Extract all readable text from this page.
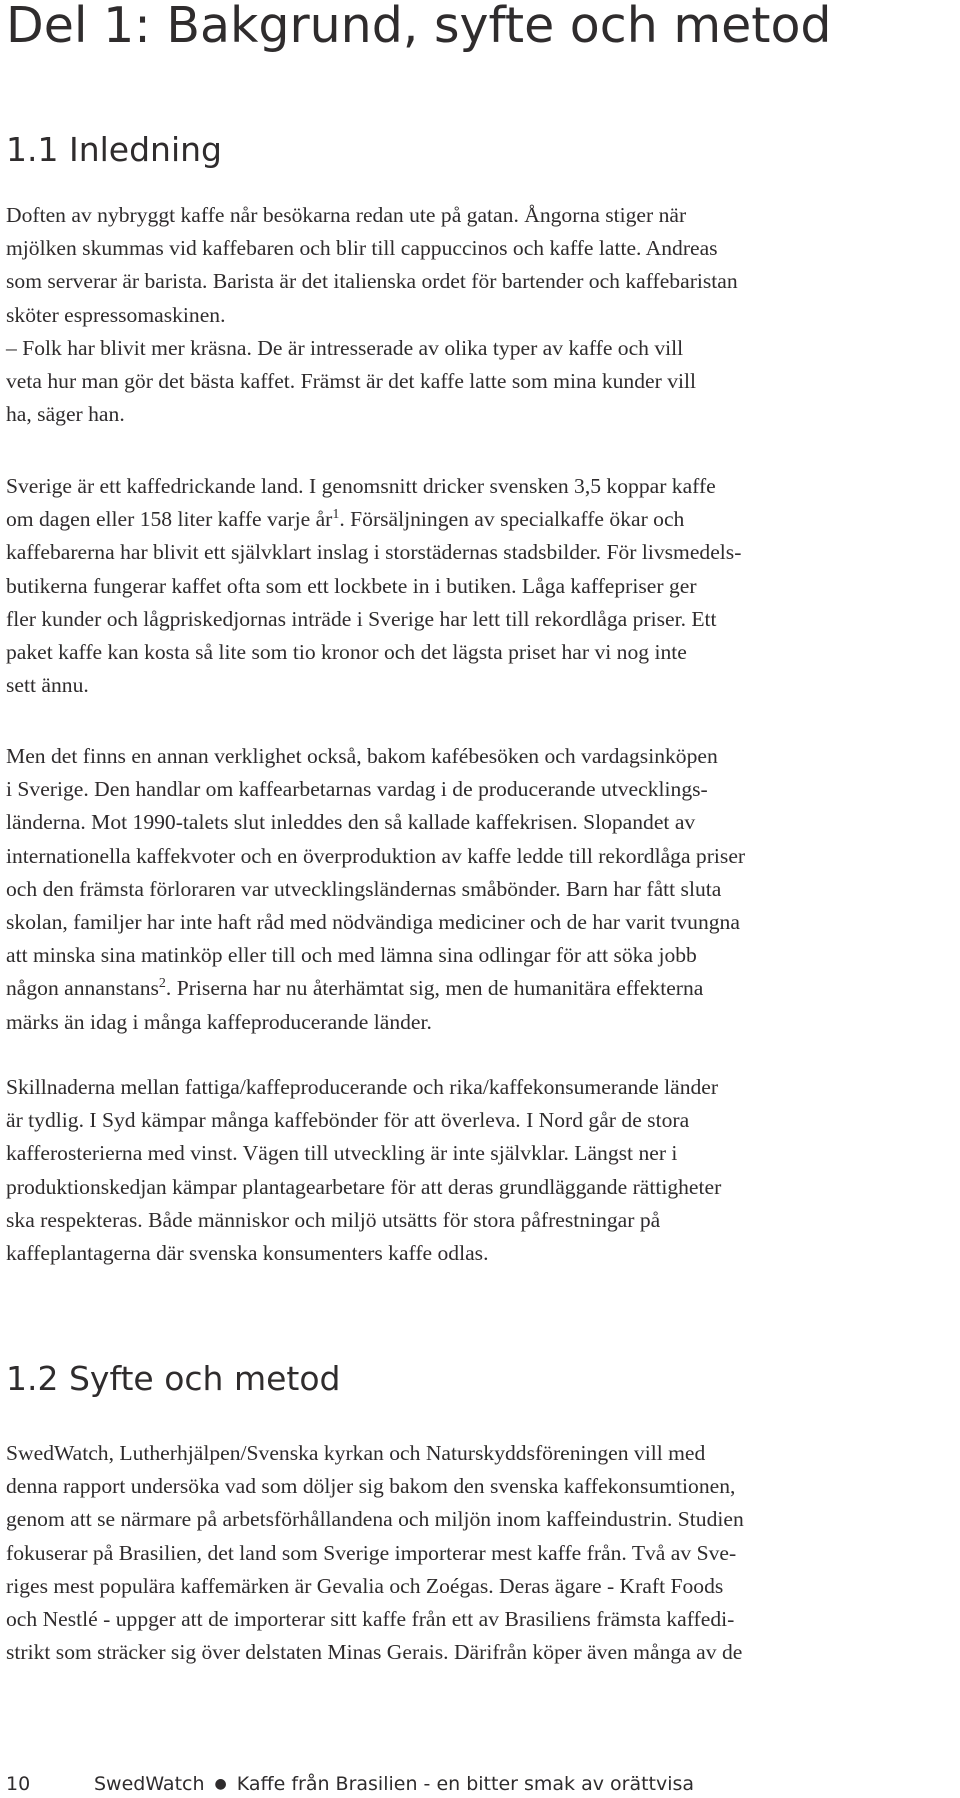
Del 1: Bakgrund, syfte och metod
1.1 Inledning
Doften av nybryggt kaffe når besökarna redan ute på gatan. Ångorna stiger när
mjölken skummas vid kaffebaren och blir till cappuccinos och kaffe latte. Andreas
som serverar är barista. Barista är det italienska ordet för bartender och kaffebaristan
sköter espressomaskinen.
– Folk har blivit mer kräsna. De är intresserade av olika typer av kaffe och vill
veta hur man gör det bästa kaffet. Främst är det kaffe latte som mina kunder vill
ha, säger han.
Sverige är ett kaffedrickande land. I genomsnitt dricker svensken 3,5 koppar kaffe
om dagen eller 158 liter kaffe varje $år^1$. Försäljningen av specialkaffe ökar och
kaffebarerna har blivit ett självklart inslag i storstädernas stadsbilder. För livsmedels-
butikerna fungerar kaffet ofta som ett lockbete in i butiken. Låga kaffepriser ger
fler kunder och lågpriskedjornas inträde i Sverige har lett till rekordlåga priser. Ett
paket kaffe kan kosta så lite som tio kronor och det lägsta priset har vi nog inte
sett ännu.
Men det finns en annan verklighet också, bakom kafébesöken och vardagsinköpen
i Sverige. Den handlar om kaffearbetarnas vardag i de producerande utvecklings-
länderna. Mot 1990-talets slut inleddes den så kallade kaffekrisen. Slopandet av
internationella kaffekvoter och en överproduktion av kaffe ledde till rekordlåga priser
och den främsta förloraren var utvecklingsländernas småbönder. Barn har fått sluta
skolan, familjer har inte haft råd med nödvändiga mediciner och de har varit tvungna
att minska sina matinköp eller till och med lämna sina odlingar för att söka jobb
någon annanstans$^2$. Priserna har nu återhämtat sig, men de humanitära effekterna
märks än idag i många kaffeproducerande länder.
Skillnaderna mellan fattiga/kaffeproducerande och rika/kaffekonsumerande länder
är tydlig. I Syd kämpar många kaffebönder för att överleva. I Nord går de stora
kafferosterierna med vinst. Vägen till utveckling är inte självklar. Längst ner i
produktionskedjan kämpar plantagearbetare för att deras grundläggande rättigheter
ska respekteras. Både människor och miljö utsätts för stora påfrestningar på
kaffeplantagerna där svenska konsumenters kaffe odlas.
1.2 Syfte och metod
SwedWatch, Lutherhjälpen/Svenska kyrkan och Naturskyddsföreningen vill med
denna rapport undersöka vad som döljer sig bakom den svenska kaffekonsumtionen,
genom att se närmare på arbetsförhållandena och miljön inom kaffeindustrin. Studien
fokuserar på Brasilien, det land som Sverige importerar mest kaffe från. Två av Sve-
riges mest populära kaffemärken är Gevalia och Zoégas. Deras ägare - Kraft Foods
och Nestlé - uppger att de importerar sitt kaffe från ett av Brasiliens främsta kaffedi-
strikt som sträcker sig över delstaten Minas Gerais. Därifrån köper även många av de
10	SwedWatch ● Kaffe från Brasilien - en bitter smak av orättvisa
